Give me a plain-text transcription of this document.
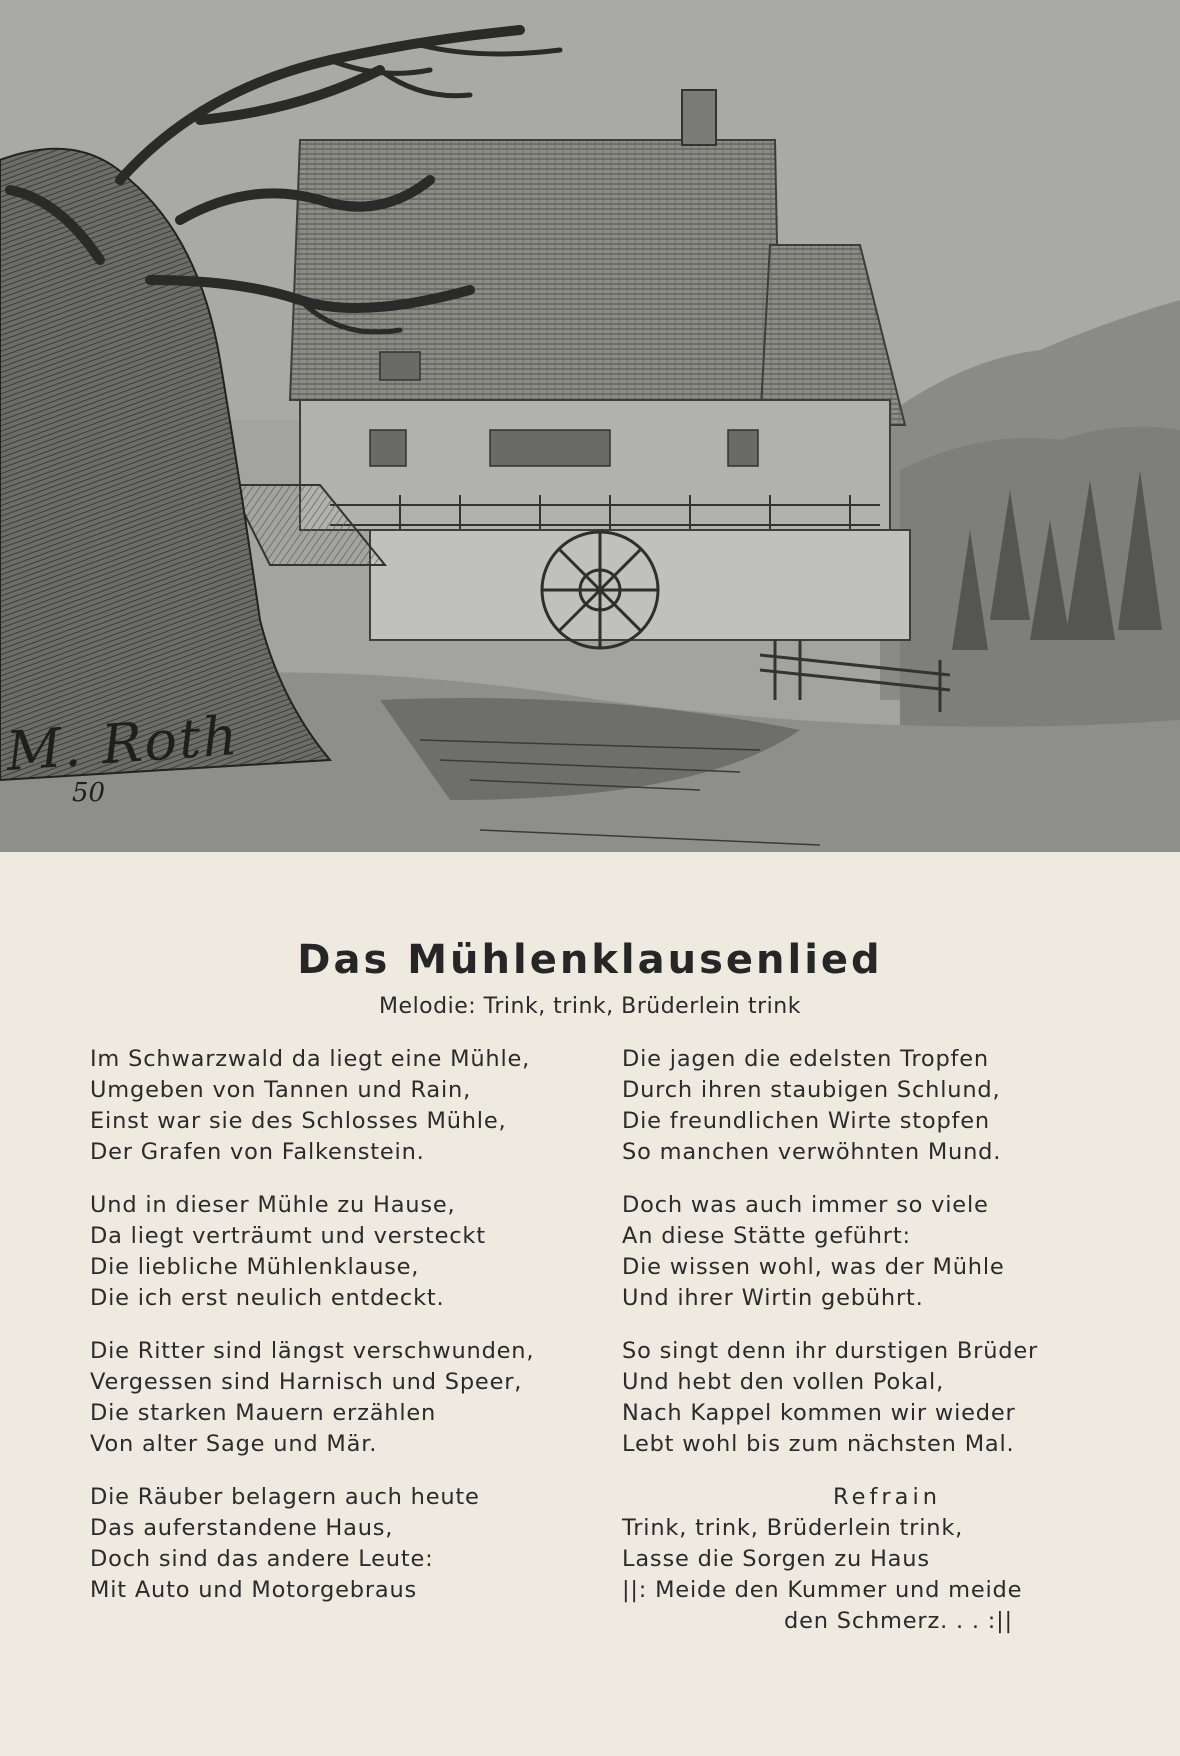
M. Roth
50
Das Mühlenklausenlied
Melodie: Trink, trink, Brüderlein trink
Im Schwarzwald da liegt eine Mühle,
Umgeben von Tannen und Rain,
Einst war sie des Schlosses Mühle,
Der Grafen von Falkenstein.
Und in dieser Mühle zu Hause,
Da liegt verträumt und versteckt
Die liebliche Mühlenklause,
Die ich erst neulich entdeckt.
Die Ritter sind längst verschwunden,
Vergessen sind Harnisch und Speer,
Die starken Mauern erzählen
Von alter Sage und Mär.
Die Räuber belagern auch heute
Das auferstandene Haus,
Doch sind das andere Leute:
Mit Auto und Motorgebraus
Die jagen die edelsten Tropfen
Durch ihren staubigen Schlund,
Die freundlichen Wirte stopfen
So manchen verwöhnten Mund.
Doch was auch immer so viele
An diese Stätte geführt:
Die wissen wohl, was der Mühle
Und ihrer Wirtin gebührt.
So singt denn ihr durstigen Brüder
Und hebt den vollen Pokal,
Nach Kappel kommen wir wieder
Lebt wohl bis zum nächsten Mal.
Refrain
Trink, trink, Brüderlein trink,
Lasse die Sorgen zu Haus
||: Meide den Kummer und meide
den Schmerz. . . :||
